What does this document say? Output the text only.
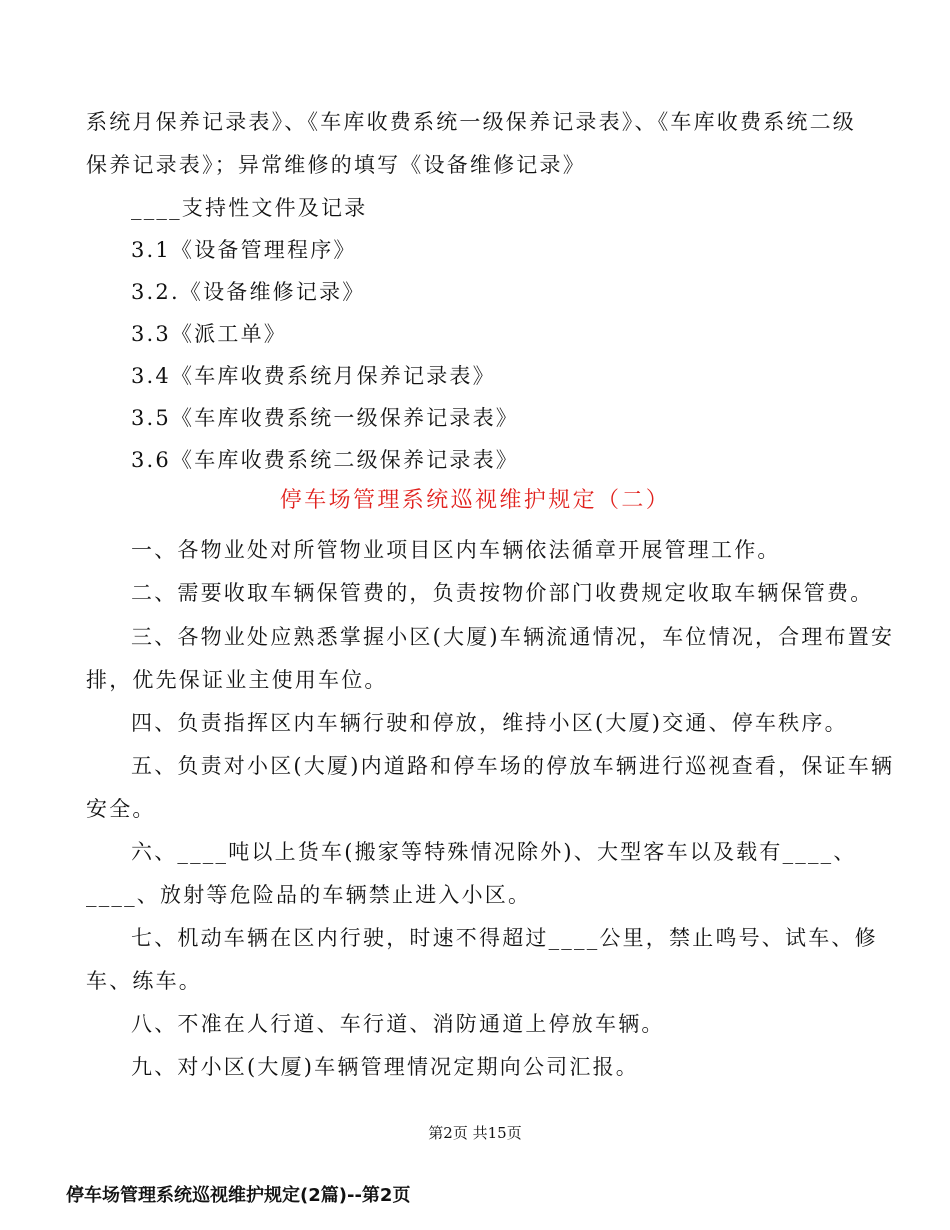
系统月保养记录表》、《车库收费系统一级保养记录表》、《车库收费系统二级
保养记录表》；异常维修的填写《设备维修记录》
____支持性文件及记录
3.1《设备管理程序》
3.2.《设备维修记录》
3.3《派工单》
3.4《车库收费系统月保养记录表》
3.5《车库收费系统一级保养记录表》
3.6《车库收费系统二级保养记录表》
停车场管理系统巡视维护规定（二）
一、各物业处对所管物业项目区内车辆依法循章开展管理工作。
二、需要收取车辆保管费的，负责按物价部门收费规定收取车辆保管费。
三、各物业处应熟悉掌握小区(大厦)车辆流通情况，车位情况，合理布置安
排，优先保证业主使用车位。
四、负责指挥区内车辆行驶和停放，维持小区(大厦)交通、停车秩序。
五、负责对小区(大厦)内道路和停车场的停放车辆进行巡视查看，保证车辆
安全。
六、____吨以上货车(搬家等特殊情况除外)、大型客车以及载有____、
____、放射等危险品的车辆禁止进入小区。
七、机动车辆在区内行驶，时速不得超过____公里，禁止鸣号、试车、修
车、练车。
八、不准在人行道、车行道、消防通道上停放车辆。
九、对小区(大厦)车辆管理情况定期向公司汇报。
第2页 共15页
停车场管理系统巡视维护规定(2篇)--第2页
